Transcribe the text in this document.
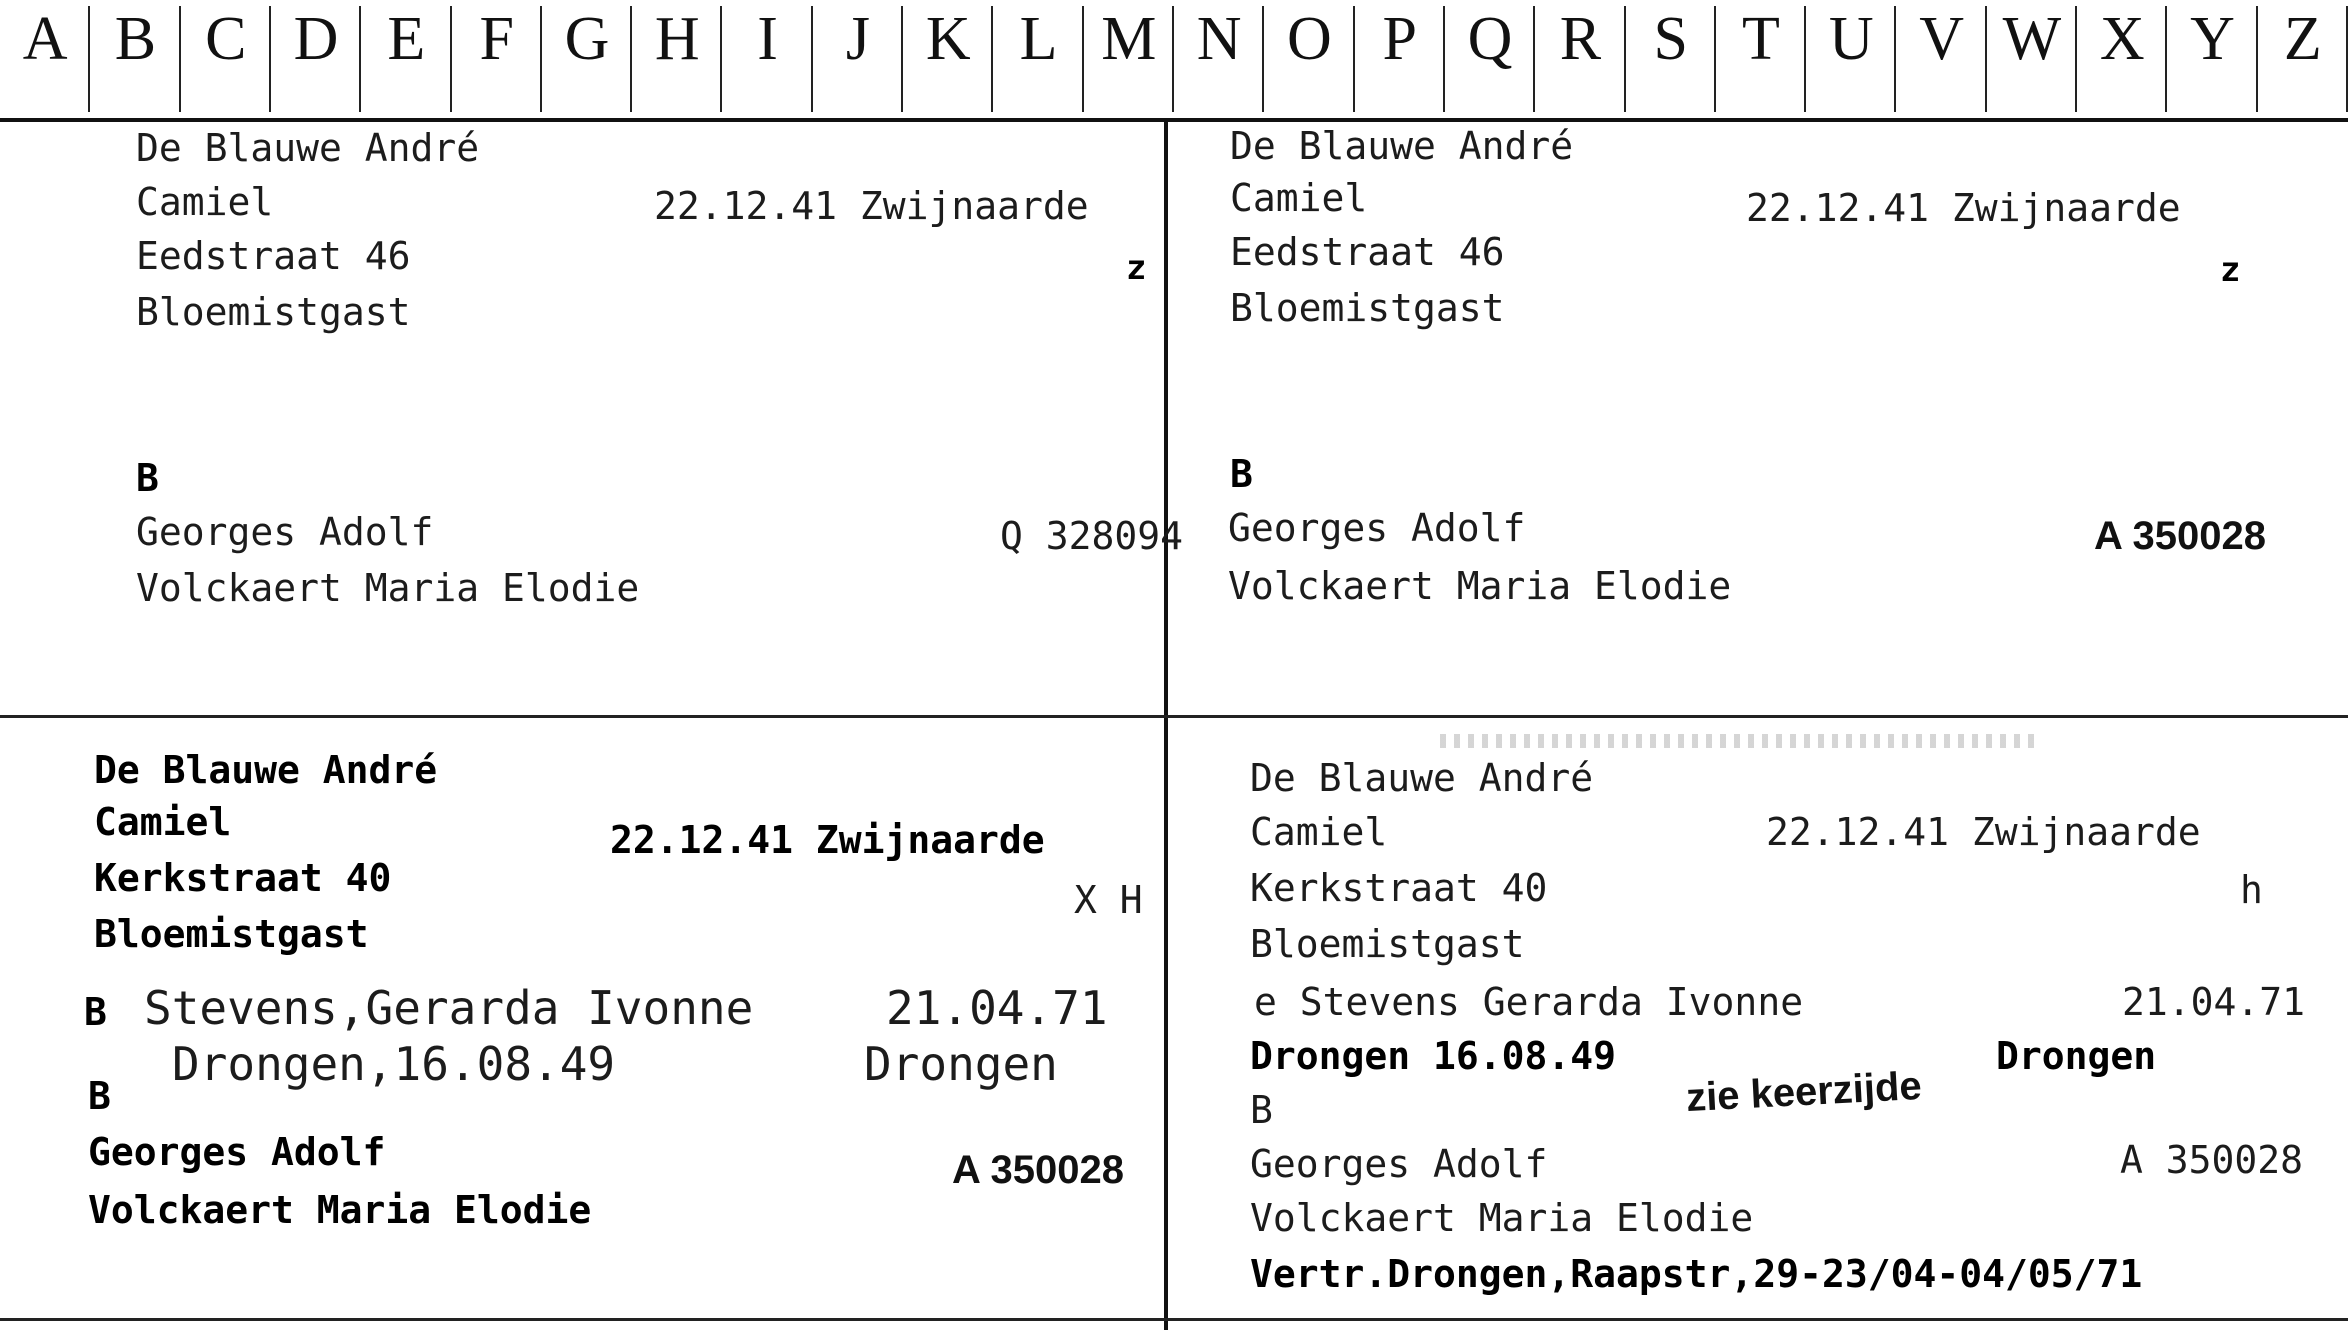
A B C D E F G H I	J K L M N O P Q R S T U V W X Y Z
De Blauwe André
Camiel	22.12.41 Zwijnaarde
Eedstraat 46	z
Bloemistgast
B
Georges Adolf	Q 328094
Volckaert Maria Elodie
De Blauwe André
Camiel	22.12.41 Zwijnaarde
Eedstraat 46	z
Bloemistgast
B
Georges Adolf	A 350028
Volckaert Maria Elodie
De Blauwe André
Camiel	22.12.41 Zwijnaarde
Kerkstraat 40	X H
Bloemistgast
B Stevens,Gerarda Ivonne	21.04.71
Drongen,16.08.49	Drongen
B
Georges Adolf	A 350028
Volckaert Maria Elodie
De Blauwe André
Camiel	22.12.41 Zwijnaarde
Kerkstraat 40	h
Bloemistgast
e Stevens Gerarda Ivonne	21.04.71
Drongen 16.08.49	Drongen
zie keerzijde
B
Georges Adolf	A 350028
Volckaert Maria Elodie
Vertr.Drongen,Raapstr,29-23/04-04/05/71
